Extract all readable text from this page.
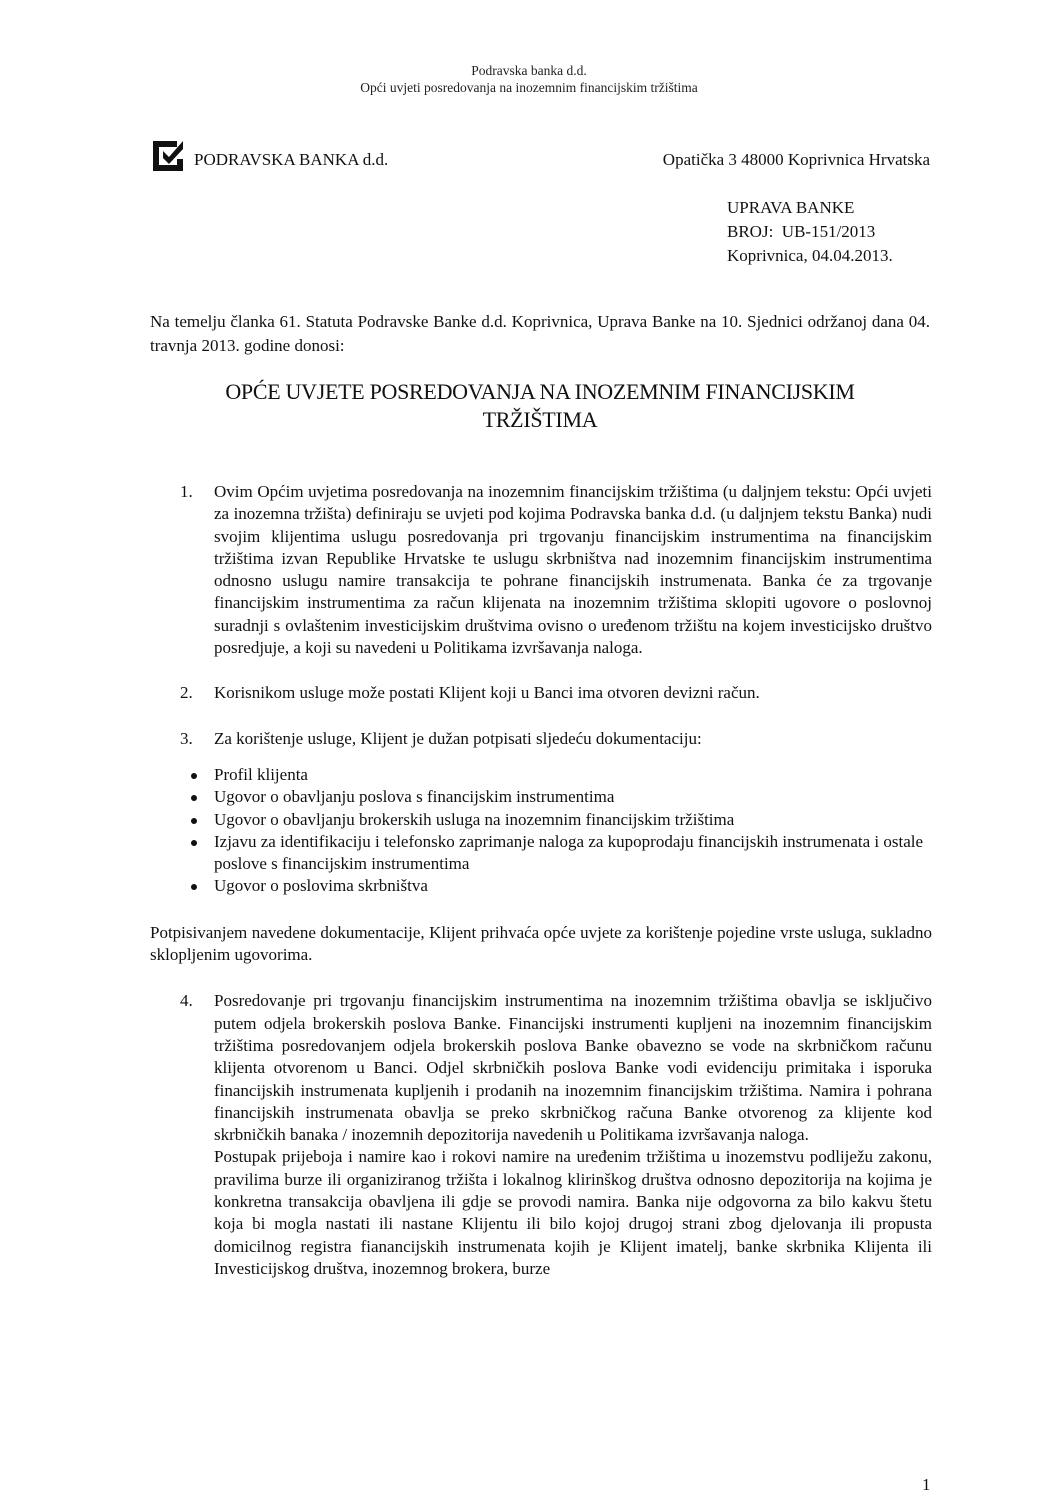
Podravska banka d.d.
Opći uvjeti posredovanja na inozemnim financijskim tržištima
PODRAVSKA BANKA d.d.	Opatička 3 48000 Koprivnica Hrvatska
UPRAVA BANKE
BROJ:  UB-151/2013
Koprivnica, 04.04.2013.
Na temelju članka 61. Statuta Podravske Banke d.d. Koprivnica, Uprava Banke na 10. Sjednici održanoj dana 04. travnja 2013. godine donosi:
OPĆE UVJETE POSREDOVANJA NA INOZEMNIM FINANCIJSKIM
TRŽIŠTIMA
1. Ovim Općim uvjetima posredovanja na inozemnim financijskim tržištima (u daljnjem tekstu: Opći uvjeti za inozemna tržišta) definiraju se uvjeti pod kojima Podravska banka d.d. (u daljnjem tekstu Banka) nudi svojim klijentima uslugu posredovanja pri trgovanju financijskim instrumentima na financijskim tržištima izvan Republike Hrvatske te uslugu skrbništva nad inozemnim financijskim instrumentima odnosno uslugu namire transakcija te pohrane financijskih instrumenata. Banka će za trgovanje financijskim instrumentima za račun klijenata na inozemnim tržištima sklopiti ugovore o poslovnoj suradnji s ovlaštenim investicijskim društvima ovisno o uređenom tržištu na kojem investicijsko društvo posredjuje, a koji su navedeni u Politikama izvršavanja naloga.

2. Korisnikom usluge može postati Klijent koji u Banci ima otvoren devizni račun.

3. Za korištenje usluge, Klijent je dužan potpisati sljedeću dokumentaciju:

Profil klijenta
Ugovor o obavljanju poslova s financijskim instrumentima
Ugovor o obavljanju brokerskih usluga na inozemnim financijskim tržištima
Izjavu za identifikaciju i telefonsko zaprimanje naloga za kupoprodaju financijskih instrumenata i ostale poslove s financijskim instrumentima
Ugovor o poslovima skrbništva
Potpisivanjem navedene dokumentacije, Klijent prihvaća opće uvjete za korištenje pojedine vrste usluga, sukladno sklopljenim ugovorima.
4. Posredovanje pri trgovanju financijskim instrumentima na inozemnim tržištima obavlja se isključivo putem odjela brokerskih poslova Banke. Financijski instrumenti kupljeni na inozemnim financijskim tržištima posredovanjem odjela brokerskih poslova Banke obavezno se vode na skrbničkom računu klijenta otvorenom u Banci. Odjel skrbničkih poslova Banke vodi evidenciju primitaka i isporuka financijskih instrumenata kupljenih i prodanih na inozemnim financijskim tržištima. Namira i pohrana financijskih instrumenata obavlja se preko skrbničkog računa Banke otvorenog za klijente kod skrbničkih banaka / inozemnih depozitorija navedenih u Politikama izvršavanja naloga.

Postupak prijeboja i namire kao i rokovi namire na uređenim tržištima u inozemstvu podliježu zakonu, pravilima burze ili organiziranog tržišta i lokalnog klirinškog društva odnosno depozitorija na kojima je konkretna transakcija obavljena ili gdje se provodi namira. Banka nije odgovorna za bilo kakvu štetu koja bi mogla nastati ili nastane Klijentu ili bilo kojoj drugoj strani zbog djelovanja ili propusta domicilnog registra fianancijskih instrumenata kojih je Klijent imatelj, banke skrbnika Klijenta ili Investicijskog društva, inozemnog brokera, burze

1
